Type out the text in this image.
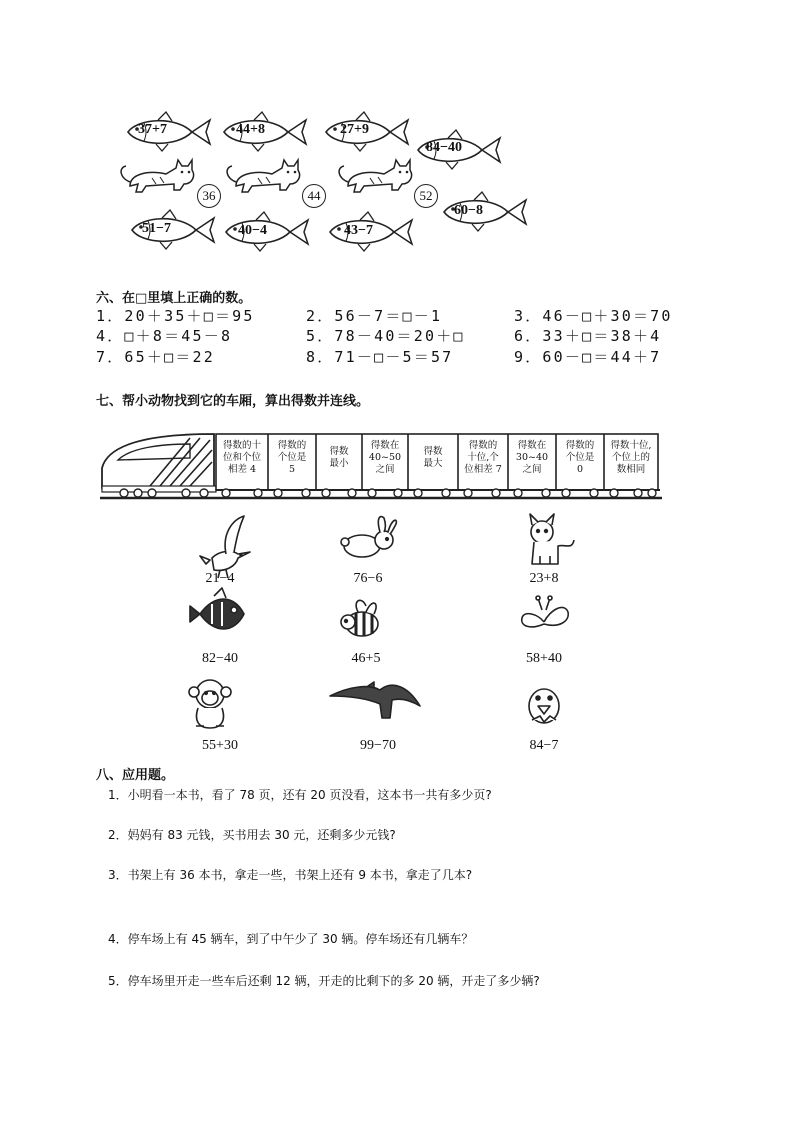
37+7	44+8	27+9
84−40
36	44	52
51−7	40−4	43−7
60−8
六、在□里填上正确的数。
1．20＋35＋□＝95	2．56－7＝□－1	3．46－□＋30＝70
4．□＋8＝45－8	5．78－40＝20＋□	6．33＋□＝38＋4
7．65＋□＝22	8．71－□－5＝57	9．60－□＝44＋7
七、帮小动物找到它的车厢，算出得数并连线。
得数的十
位和个位
相差 4
得数的
个位是
5
得数
最小
得数在
40~50
之间
得数
最大
得数的
十位,个
位相差 7
得数在
30~40
之间
得数的
个位是
0
得数十位,
个位上的
数相同
21−4	76−6	23+8
82−40	46+5	58+40
55+30	99−70	84−7
八、应用题。
1．小明看一本书，看了 78 页，还有 20 页没看，这本书一共有多少页?
2．妈妈有 83 元钱，买书用去 30 元，还剩多少元钱?
3．书架上有 36 本书，拿走一些，书架上还有 9 本书，拿走了几本?
4．停车场上有 45 辆车，到了中午少了 30 辆。停车场还有几辆车？
5．停车场里开走一些车后还剩 12 辆，开走的比剩下的多 20 辆，开走了多少辆?
